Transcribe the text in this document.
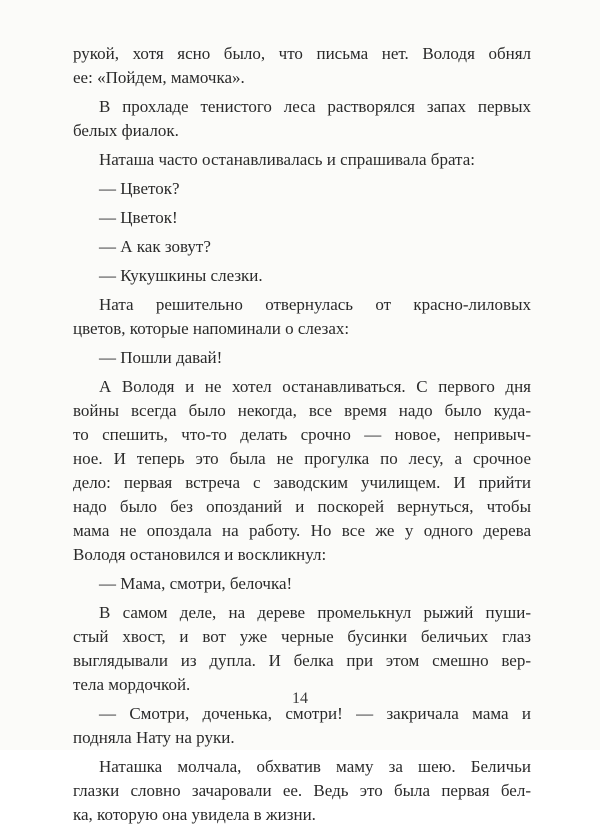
рукой, хотя ясно было, что письма нет. Володя обнял
ее: «Пойдем, мамочка».
В прохладе тенистого леса растворялся запах первых
белых фиалок.
Наташа часто останавливалась и спрашивала брата:
— Цветок?
— Цветок!
— А как зовут?
— Кукушкины слезки.
Ната решительно отвернулась от красно-лиловых
цветов, которые напоминали о слезах:
— Пошли давай!
А Володя и не хотел останавливаться. С первого дня
войны всегда было некогда, все время надо было куда-
то спешить, что-то делать срочно — новое, непривыч-
ное. И теперь это была не прогулка по лесу, а срочное
дело: первая встреча с заводским училищем. И прийти
надо было без опозданий и поскорей вернуться, чтобы
мама не опоздала на работу. Но все же у одного дерева
Володя остановился и воскликнул:
— Мама, смотри, белочка!
В самом деле, на дереве промелькнул рыжий пуши-
стый хвост, и вот уже черные бусинки беличьих глаз
выглядывали из дупла. И белка при этом смешно вер-
тела мордочкой.
— Смотри, доченька, смотри! — закричала мама и
подняла Нату на руки.
Наташка молчала, обхватив маму за шею. Беличьи
глазки словно зачаровали ее. Ведь это была первая бел-
ка, которую она увидела в жизни.
14
